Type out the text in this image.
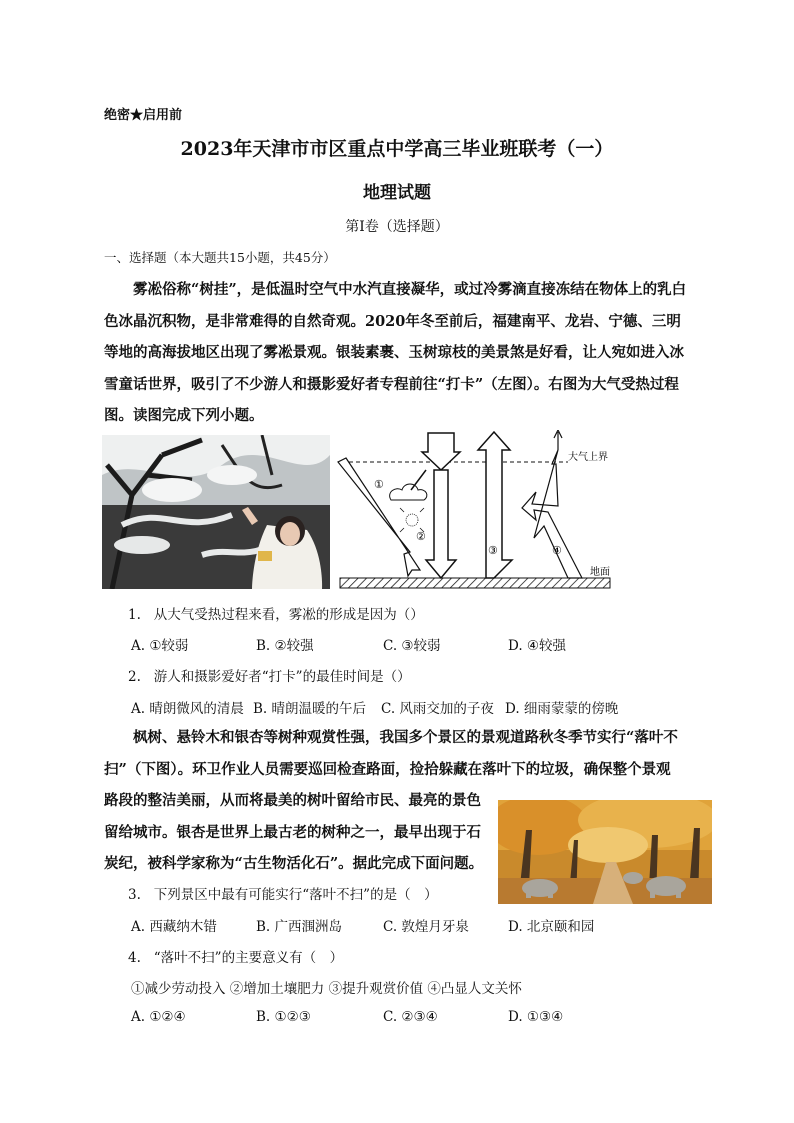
绝密★启用前
2023年天津市市区重点中学高三毕业班联考（一）
地理试题
第Ⅰ卷（选择题）
一、选择题（本大题共15小题，共45分）
雾凇俗称“树挂”，是低温时空气中水汽直接凝华，或过冷雾滴直接冻结在物体上的乳白色冰晶沉积物，是非常难得的自然奇观。2020年冬至前后，福建南平、龙岩、宁德、三明等地的高海拔地区出现了雾凇景观。银装素裹、玉树琼枝的美景煞是好看，让人宛如进入冰雪童话世界，吸引了不少游人和摄影爱好者专程前往“打卡”（左图）。右图为大气受热过程图。读图完成下列小题。
大气上界
地面
①
②
③	④
1. 从大气受热过程来看，雾凇的形成是因为（）
A. ①较弱	B. ②较强	C. ③较弱	D. ④较强
2. 游人和摄影爱好者“打卡”的最佳时间是（）
A. 晴朗微风的清晨 B. 晴朗温暖的午后 C. 风雨交加的子夜 D. 细雨蒙蒙的傍晚
枫树、悬铃木和银杏等树种观赏性强，我国多个景区的景观道路秋冬季节实行“落叶不扫”（下图）。环卫作业人员需要巡回检查路面，捡拾躲藏在落叶下的垃圾，确保整个景观
路段的整洁美丽，从而将最美的树叶留给市民、最亮的景色留给城市。银杏是世界上最古老的树种之一，最早出现于石炭纪，被科学家称为“古生物活化石”。据此完成下面问题。
3. 下列景区中最有可能实行“落叶不扫”的是（　）
A. 西藏纳木错	B. 广西涠洲岛	C. 敦煌月牙泉	D. 北京颐和园
4. “落叶不扫”的主要意义有（　）
①减少劳动投入 ②增加土壤肥力 ③提升观赏价值 ④凸显人文关怀
A. ①②④	B. ①②③	C. ②③④	D. ①③④
